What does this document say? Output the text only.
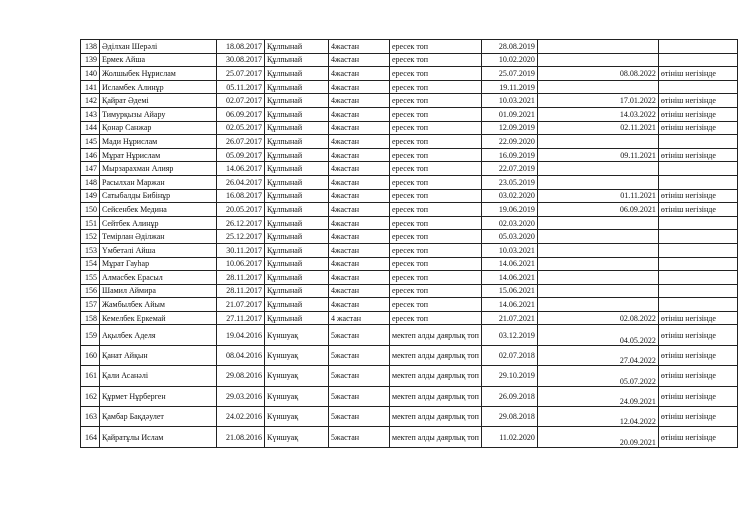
138	Әділхан Шерәлі	18.08.2017	Құлпынай	4жастан	ересек топ	28.08.2019		
139	Ермек Айша	30.08.2017	Құлпынай	4жастан	ересек топ	10.02.2020		
140	Жолшыбек Нұрислам	25.07.2017	Құлпынай	4жастан	ересек топ	25.07.2019	08.08.2022	өтініш негізінде
141	Исламбек Алинұр	05.11.2017	Құлпынай	4жастан	ересек топ	19.11.2019		
142	Қайрат Әдемі	02.07.2017	Құлпынай	4жастан	ересек топ	10.03.2021	17.01.2022	өтініш негізінде
143	Тимурқызы Айару	06.09.2017	Құлпынай	4жастан	ересек топ	01.09.2021	14.03.2022	өтініш негізінде
144	Қонар Санжар	02.05.2017	Құлпынай	4жастан	ересек топ	12.09.2019	02.11.2021	өтініш негізінде
145	Мади Нұрислам	26.07.2017	Құлпынай	4жастан	ересек топ	22.09.2020		
146	Мұрат Нұрислам	05.09.2017	Құлпынай	4жастан	ересек топ	16.09.2019	09.11.2021	өтініш негізінде
147	Мырзарахман Алияр	14.06.2017	Құлпынай	4жастан	ересек топ	22.07.2019		
148	Расылхан Маржан	26.04.2017	Құлпынай	4жастан	ересек топ	23.05.2019		
149	Сатыбалды Бибінұр	16.08.2017	Құлпынай	4жастан	ересек топ	03.02.2020	01.11.2021	өтініш негізінде
150	Сейсенбек Медина	20.05.2017	Құлпынай	4жастан	ересек топ	19.06.2019	06.09.2021	өтініш негізінде
151	Сейтбек Алинұр	26.12.2017	Құлпынай	4жастан	ересек топ	02.03.2020		
152	Темірлан Әділжан	25.12.2017	Құлпынай	4жастан	ересек топ	05.03.2020		
153	Үмбетәлі Айша	30.11.2017	Құлпынай	4жастан	ересек топ	10.03.2021		
154	Мұрат Гауһар	10.06.2017	Құлпынай	4жастан	ересек топ	14.06.2021		
155	Алмасбек Ерасыл	28.11.2017	Құлпынай	4жастан	ересек топ	14.06.2021		
156	Шамил Аймира	28.11.2017	Құлпынай	4жастан	ересек топ	15.06.2021		
157	Жамбылбек Айым	21.07.2017	Құлпынай	4жастан	ересек топ	14.06.2021		
158	Кемелбек Еркемай	27.11.2017	Құлпынай	4 жастан	ересек топ	21.07.2021	02.08.2022	өтініш негізінде
159	Ақылбек Аделя	19.04.2016	Күншуақ	5жастан	мектеп алды даярлық топ	03.12.2019	04.05.2022	өтініш негізінде
160	Қанат Айқын	08.04.2016	Күншуақ	5жастан	мектеп алды даярлық топ	02.07.2018	27.04.2022	өтініш негізінде
161	Қали Асанәлі	29.08.2016	Күншуақ	5жастан	мектеп алды даярлық топ	29.10.2019	05.07.2022	өтініш негізінде
162	Құрмет Нұрберген	29.03.2016	Күншуақ	5жастан	мектеп алды даярлық топ	26.09.2018	24.09.2021	өтініш негізінде
163	Қамбар Бақдәулет	24.02.2016	Күншуақ	5жастан	мектеп алды даярлық топ	29.08.2018	12.04.2022	өтініш негізінде
164	Қайратұлы Ислам	21.08.2016	Күншуақ	5жастан	мектеп алды даярлық топ	11.02.2020	20.09.2021	өтініш негізінде
